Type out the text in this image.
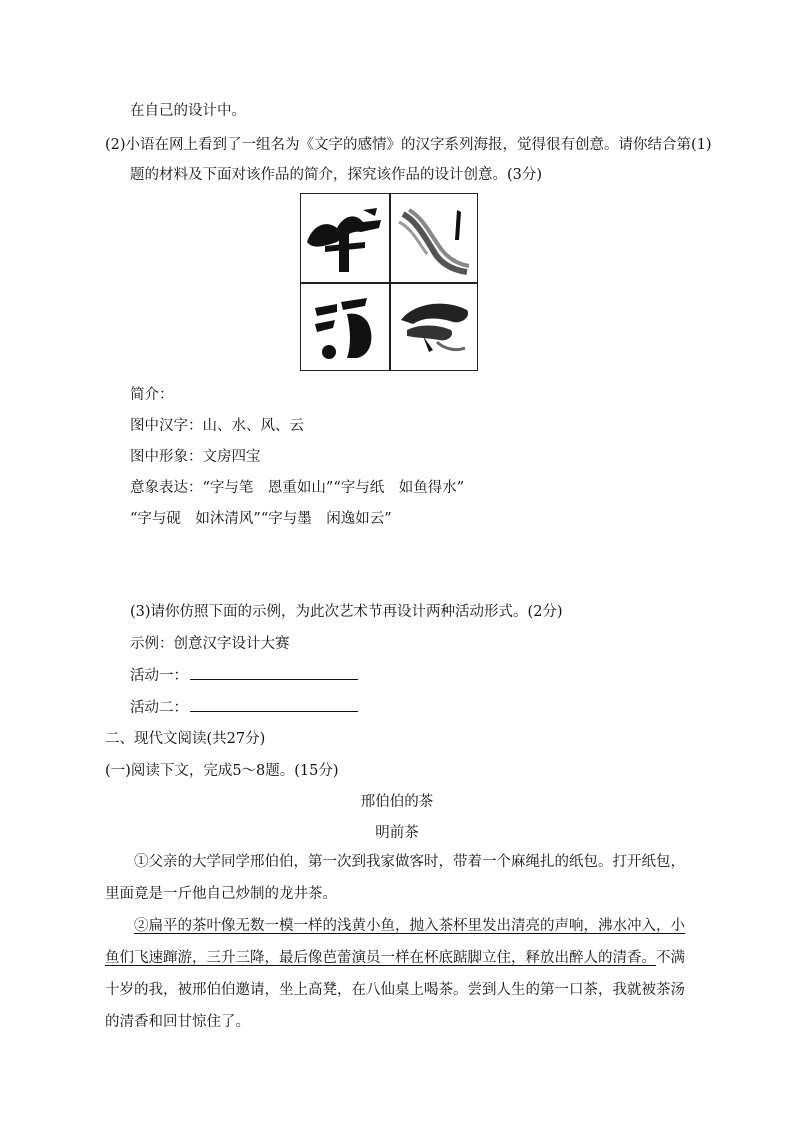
在自己的设计中。
(2)小语在网上看到了一组名为《文字的感情》的汉字系列海报，觉得很有创意。请你结合第(1)
题的材料及下面对该作品的简介，探究该作品的设计创意。(3分)
简介：
图中汉字：山、水、风、云
图中形象：文房四宝
意象表达：“字与笔　恩重如山”“字与纸　如鱼得水”
“字与砚　如沐清风”“字与墨　闲逸如云”
(3)请你仿照下面的示例，为此次艺术节再设计两种活动形式。(2分)
示例：创意汉字设计大赛
活动一：
活动二：
二、现代文阅读(共27分)
(一)阅读下文，完成5～8题。(15分)
邢伯伯的茶
明前茶
①父亲的大学同学邢伯伯，第一次到我家做客时，带着一个麻绳扎的纸包。打开纸包，里面竟是一斤他自己炒制的龙井茶。
②扁平的茶叶像无数一模一样的浅黄小鱼，抛入茶杯里发出清亮的声响，沸水冲入，小鱼们飞速蹿游，三升三降，最后像芭蕾演员一样在杯底踮脚立住，释放出醉人的清香。不满十岁的我，被邢伯伯邀请，坐上高凳，在八仙桌上喝茶。尝到人生的第一口茶，我就被茶汤的清香和回甘惊住了。
